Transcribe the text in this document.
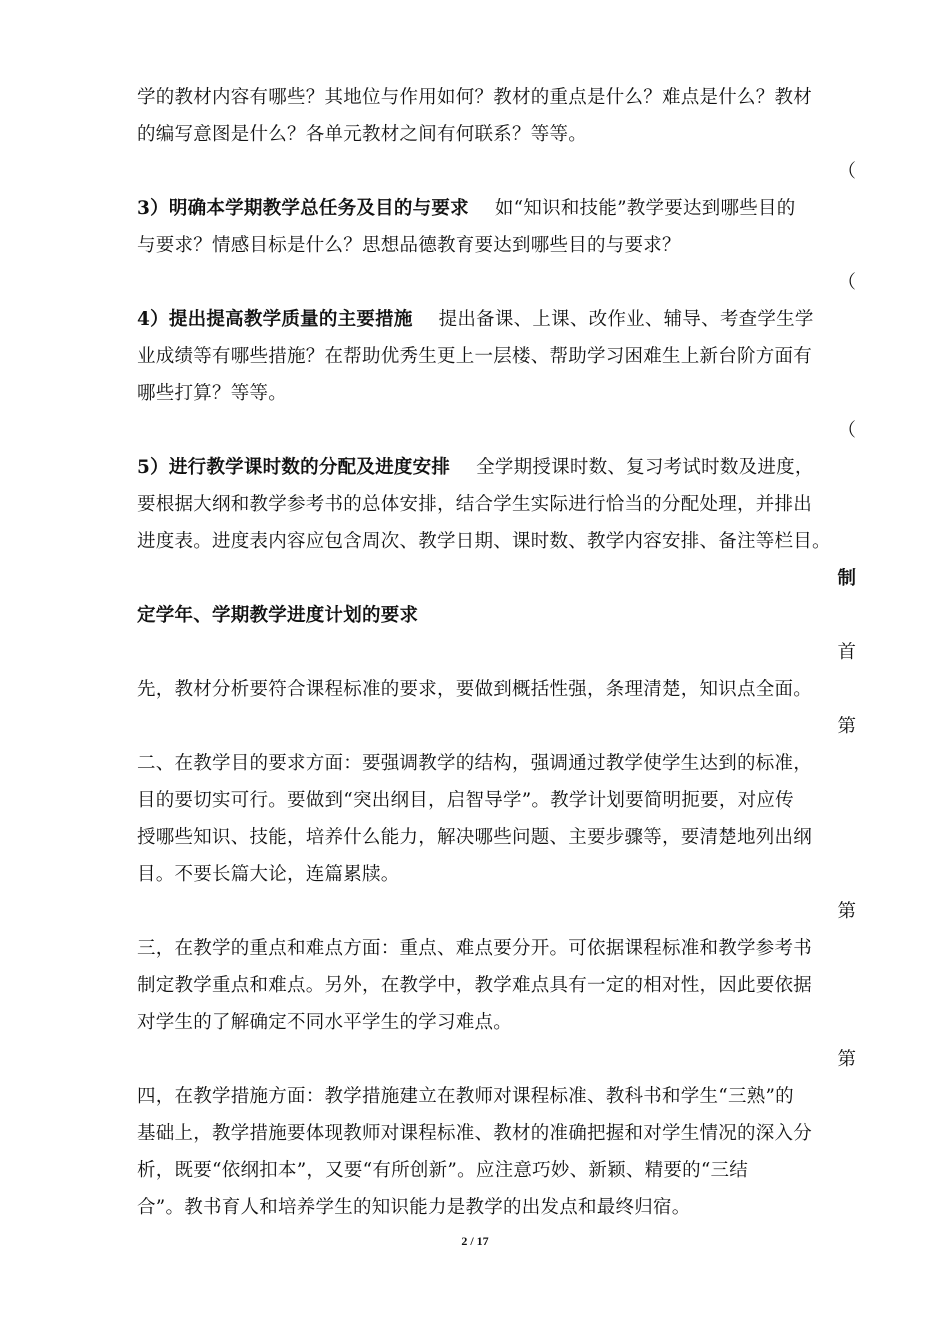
学的教材内容有哪些？其地位与作用如何？教材的重点是什么？难点是什么？教材
的编写意图是什么？各单元教材之间有何联系？等等。
（
3）明确本学期教学总任务及目的与要求 如“知识和技能”教学要达到哪些目的
与要求？情感目标是什么？思想品德教育要达到哪些目的与要求？
（
4）提出提高教学质量的主要措施 提出备课、上课、改作业、辅导、考查学生学
业成绩等有哪些措施？在帮助优秀生更上一层楼、帮助学习困难生上新台阶方面有
哪些打算？等等。
（
5）进行教学课时数的分配及进度安排 全学期授课时数、复习考试时数及进度，
要根据大纲和教学参考书的总体安排，结合学生实际进行恰当的分配处理，并排出
进度表。进度表内容应包含周次、教学日期、课时数、教学内容安排、备注等栏目。
制
定学年、学期教学进度计划的要求
首
先，教材分析要符合课程标准的要求，要做到概括性强，条理清楚，知识点全面。
第
二、在教学目的要求方面：要强调教学的结构，强调通过教学使学生达到的标准，
目的要切实可行。要做到“突出纲目，启智导学”。教学计划要简明扼要，对应传
授哪些知识、技能，培养什么能力，解决哪些问题、主要步骤等，要清楚地列出纲
目。不要长篇大论，连篇累牍。
第
三，在教学的重点和难点方面：重点、难点要分开。可依据课程标准和教学参考书
制定教学重点和难点。另外，在教学中，教学难点具有一定的相对性，因此要依据
对学生的了解确定不同水平学生的学习难点。
第
四，在教学措施方面：教学措施建立在教师对课程标准、教科书和学生“三熟”的
基础上，教学措施要体现教师对课程标准、教材的准确把握和对学生情况的深入分
析，既要“依纲扣本”，又要“有所创新”。应注意巧妙、新颖、精要的“三结
合”。教书育人和培养学生的知识能力是教学的出发点和最终归宿。
2 / 17
